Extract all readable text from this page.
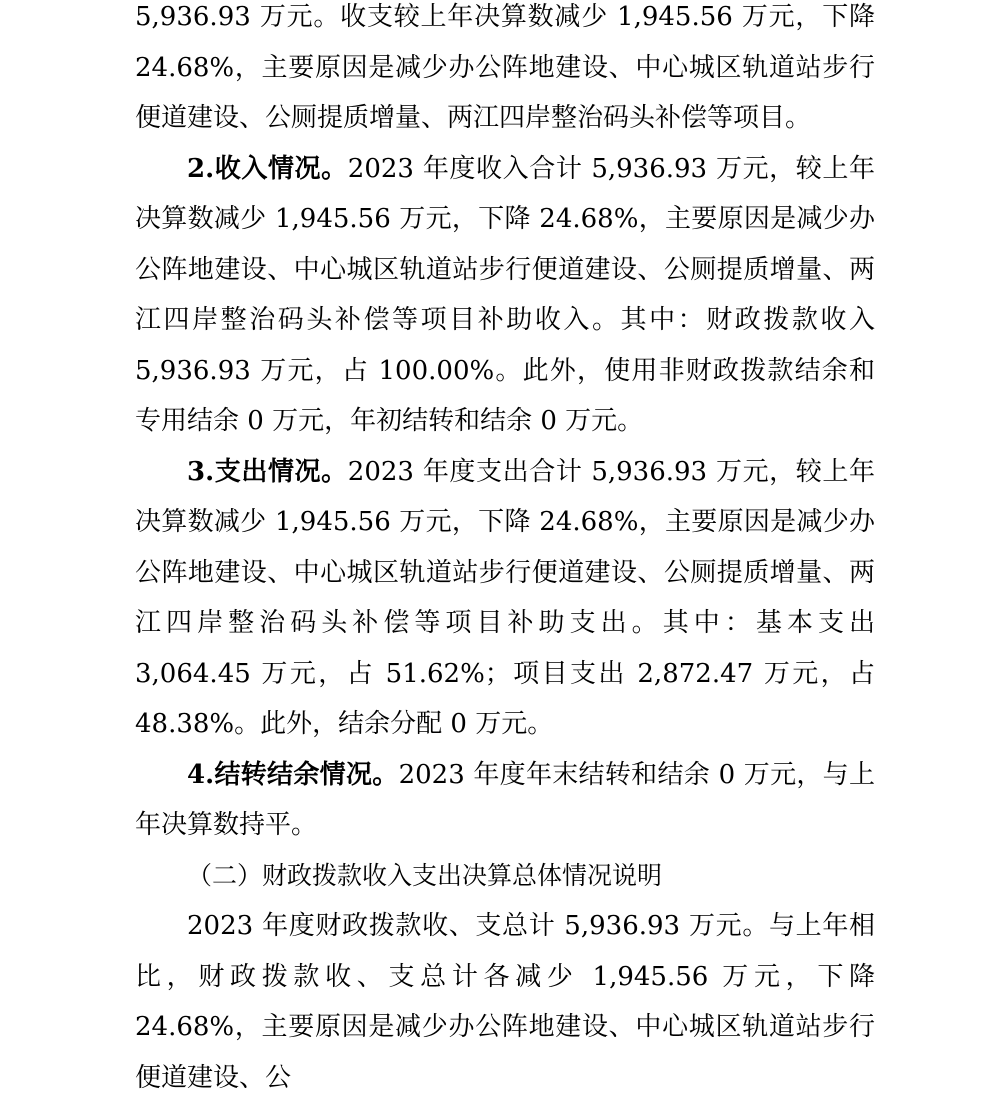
5,936.93 万元。收支较上年决算数减少 1,945.56 万元，下降24.68%，主要原因是减少办公阵地建设、中心城区轨道站步行便道建设、公厕提质增量、两江四岸整治码头补偿等项目。

2.收入情况。2023 年度收入合计 5,936.93 万元，较上年决算数减少 1,945.56 万元，下降 24.68%，主要原因是减少办公阵地建设、中心城区轨道站步行便道建设、公厕提质增量、两江四岸整治码头补偿等项目补助收入。其中：财政拨款收入5,936.93 万元，占 100.00%。此外，使用非财政拨款结余和专用结余 0 万元，年初结转和结余 0 万元。

3.支出情况。2023 年度支出合计 5,936.93 万元，较上年决算数减少 1,945.56 万元，下降 24.68%，主要原因是减少办公阵地建设、中心城区轨道站步行便道建设、公厕提质增量、两江四岸整治码头补偿等项目补助支出。其中：基本支出 3,064.45 万元，占 51.62%；项目支出 2,872.47 万元，占 48.38%。此外，结余分配 0 万元。

4.结转结余情况。2023 年度年末结转和结余 0 万元，与上年决算数持平。

（二）财政拨款收入支出决算总体情况说明

2023 年度财政拨款收、支总计 5,936.93 万元。与上年相比，财政拨款收、支总计各减少 1,945.56 万元，下降 24.68%，主要原因是减少办公阵地建设、中心城区轨道站步行便道建设、公
